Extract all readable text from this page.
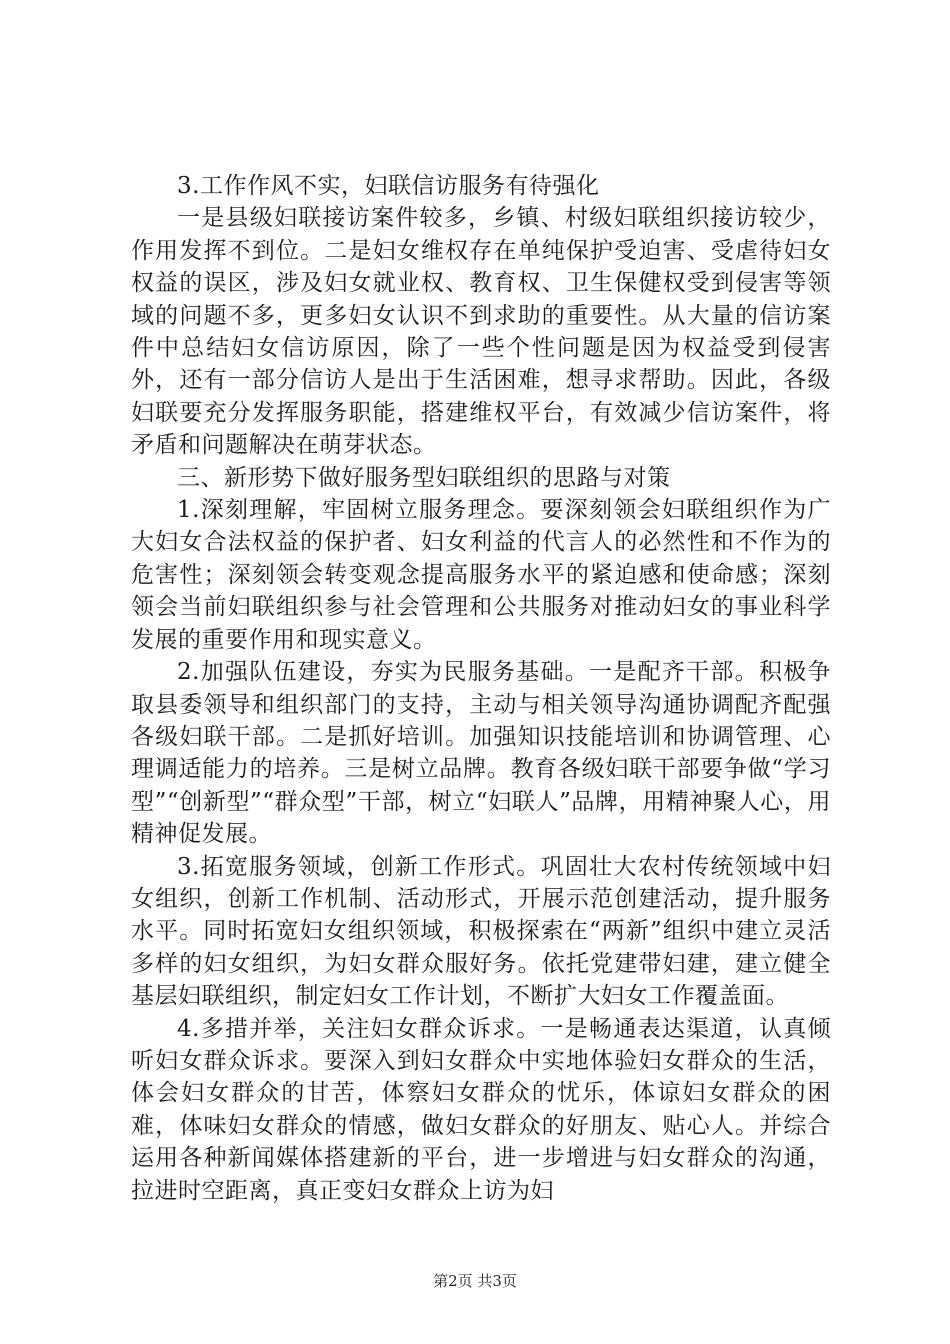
3.工作作风不实，妇联信访服务有待强化

一是县级妇联接访案件较多，乡镇、村级妇联组织接访较少，作用发挥不到位。二是妇女维权存在单纯保护受迫害、受虐待妇女权益的误区，涉及妇女就业权、教育权、卫生保健权受到侵害等领域的问题不多，更多妇女认识不到求助的重要性。从大量的信访案件中总结妇女信访原因，除了一些个性问题是因为权益受到侵害外，还有一部分信访人是出于生活困难，想寻求帮助。因此，各级妇联要充分发挥服务职能，搭建维权平台，有效减少信访案件，将矛盾和问题解决在萌芽状态。

三、新形势下做好服务型妇联组织的思路与对策

1.深刻理解，牢固树立服务理念。要深刻领会妇联组织作为广大妇女合法权益的保护者、妇女利益的代言人的必然性和不作为的危害性；深刻领会转变观念提高服务水平的紧迫感和使命感；深刻领会当前妇联组织参与社会管理和公共服务对推动妇女的事业科学发展的重要作用和现实意义。

2.加强队伍建设，夯实为民服务基础。一是配齐干部。积极争取县委领导和组织部门的支持，主动与相关领导沟通协调配齐配强各级妇联干部。二是抓好培训。加强知识技能培训和协调管理、心理调适能力的培养。三是树立品牌。教育各级妇联干部要争做“学习型”“创新型”“群众型”干部，树立“妇联人”品牌，用精神聚人心，用精神促发展。

3.拓宽服务领域，创新工作形式。巩固壮大农村传统领域中妇女组织，创新工作机制、活动形式，开展示范创建活动，提升服务水平。同时拓宽妇女组织领域，积极探索在“两新”组织中建立灵活多样的妇女组织，为妇女群众服好务。依托党建带妇建，建立健全基层妇联组织，制定妇女工作计划，不断扩大妇女工作覆盖面。

4.多措并举，关注妇女群众诉求。一是畅通表达渠道，认真倾听妇女群众诉求。要深入到妇女群众中实地体验妇女群众的生活，体会妇女群众的甘苦，体察妇女群众的忧乐，体谅妇女群众的困难，体味妇女群众的情感，做妇女群众的好朋友、贴心人。并综合运用各种新闻媒体搭建新的平台，进一步增进与妇女群众的沟通，拉进时空距离，真正变妇女群众上访为妇

第2页 共3页
